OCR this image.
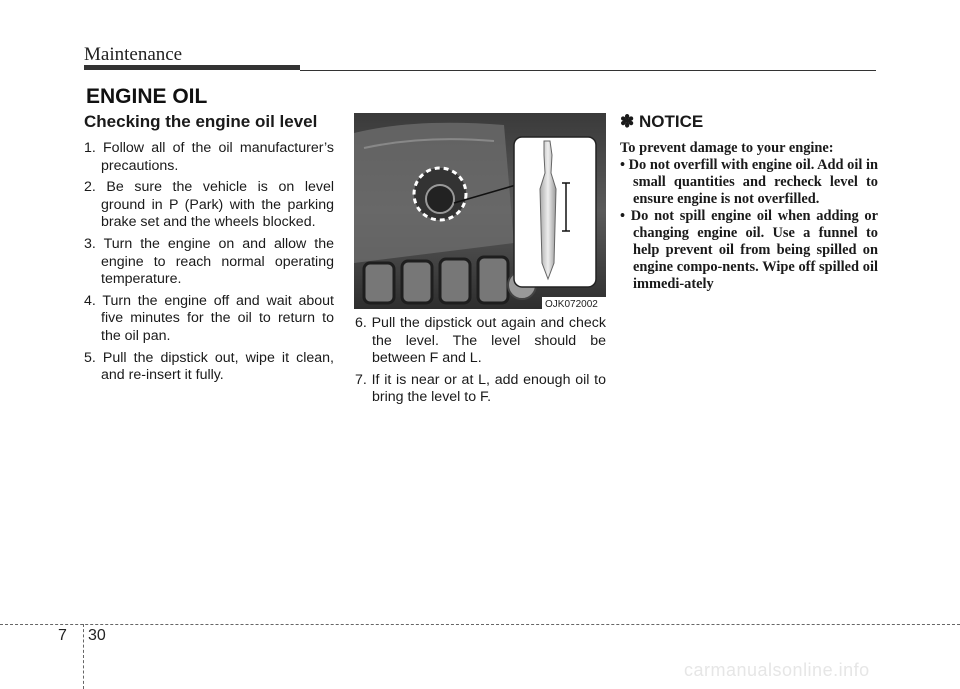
Maintenance
ENGINE OIL
Checking the engine oil level
1. Follow all of the oil manufacturer’s precautions.
2. Be sure the vehicle is on level ground in P (Park) with the parking brake set and the wheels blocked.
3. Turn the engine on and allow the engine to reach normal operating temperature.
4. Turn the engine off and wait about five minutes for the oil to return to the oil pan.
5. Pull the dipstick out, wipe it clean, and re-insert it fully.
OJK072002
6. Pull the dipstick out again and check the level. The level should be between F and L.
7. If it is near or at L, add enough oil to bring the level to F.
✽ NOTICE
To prevent damage to your engine:
• Do not overfill with engine oil. Add oil in small quantities and recheck level to ensure engine is not overfilled.
• Do not spill engine oil when adding or changing engine oil. Use a funnel to help prevent oil from being spilled on engine compo-nents. Wipe off spilled oil immedi-ately
7 30
carmanualsonline.info
